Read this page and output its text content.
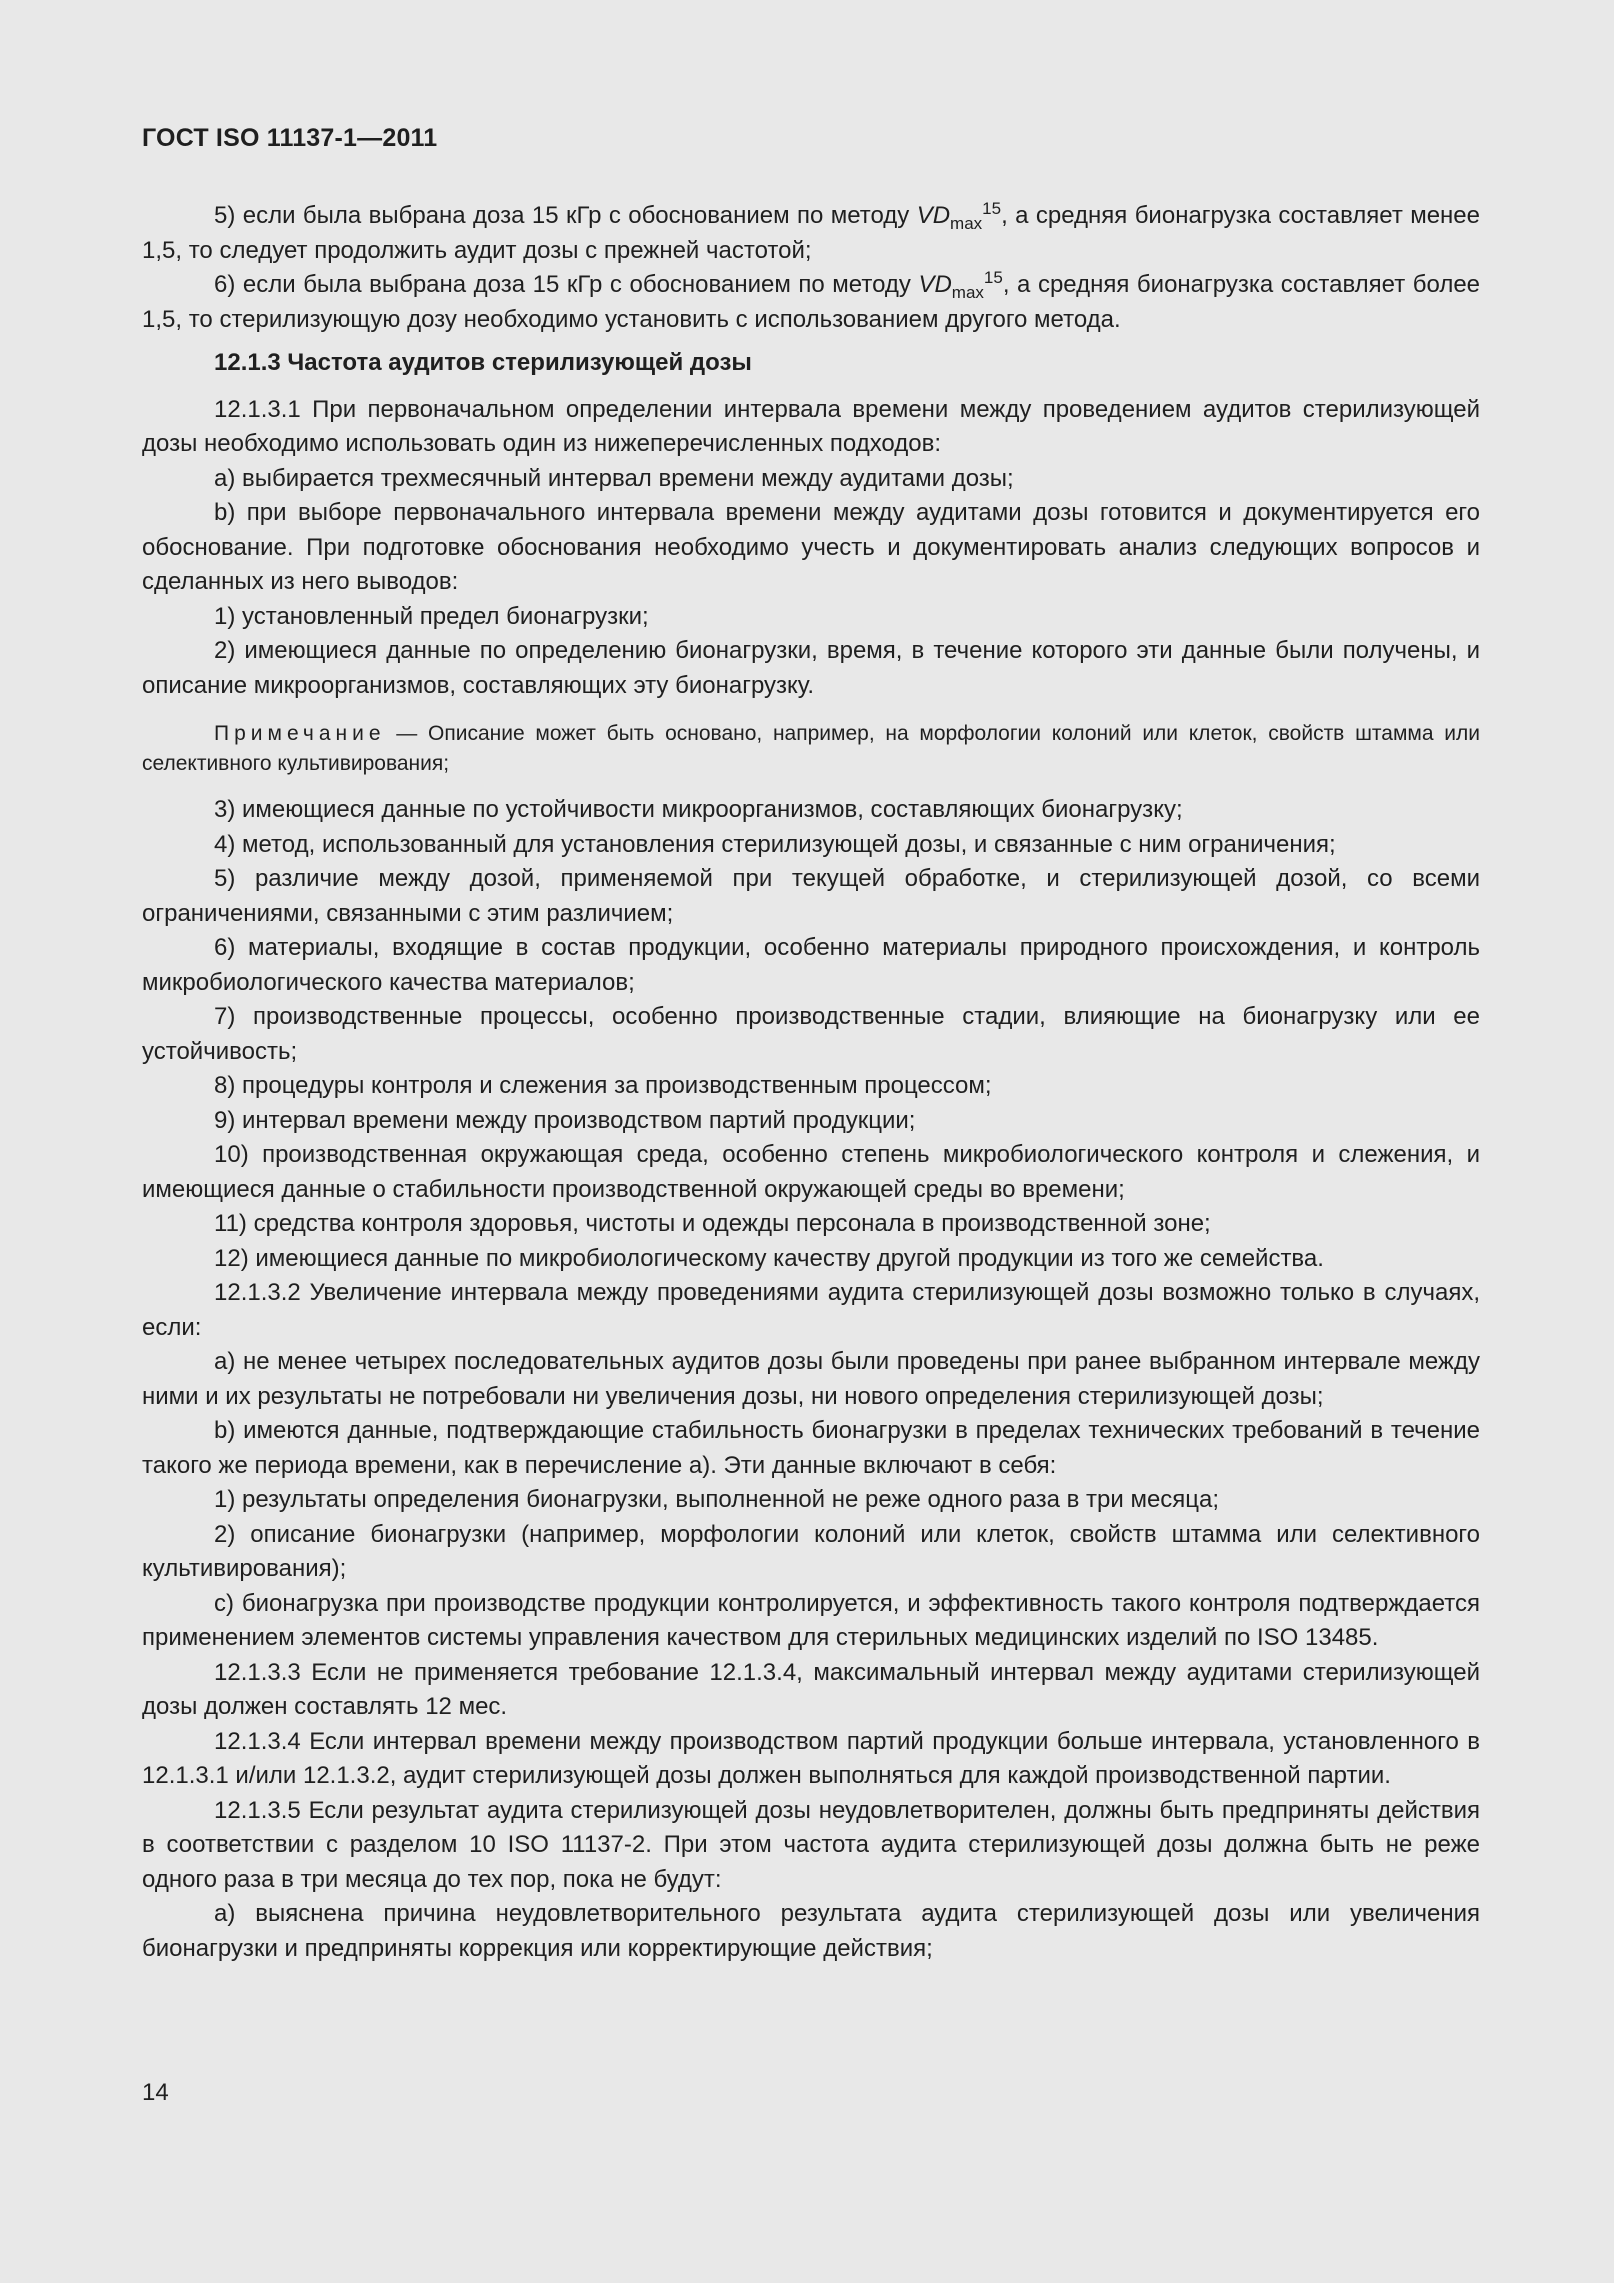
ГОСТ ISO 11137-1—2011

5) если была выбрана доза 15 кГр с обоснованием по методу $VD_{max}^{15}$, а средняя бионагрузка составляет менее 1,5, то следует продолжить аудит дозы с прежней частотой;

6) если была выбрана доза 15 кГр с обоснованием по методу $VD_{max}^{15}$, а средняя бионагрузка составляет более 1,5, то стерилизующую дозу необходимо установить с использованием другого метода.

12.1.3 Частота аудитов стерилизующей дозы

12.1.3.1 При первоначальном определении интервала времени между проведением аудитов стерилизующей дозы необходимо использовать один из нижеперечисленных подходов:

a) выбирается трехмесячный интервал времени между аудитами дозы;

b) при выборе первоначального интервала времени между аудитами дозы готовится и документируется его обоснование. При подготовке обоснования необходимо учесть и документировать анализ следующих вопросов и сделанных из него выводов:

1) установленный предел бионагрузки;

2) имеющиеся данные по определению бионагрузки, время, в течение которого эти данные были получены, и описание микроорганизмов, составляющих эту бионагрузку.

Примечание — Описание может быть основано, например, на морфологии колоний или клеток, свойств штамма или селективного культивирования;

3) имеющиеся данные по устойчивости микроорганизмов, составляющих бионагрузку;

4) метод, использованный для установления стерилизующей дозы, и связанные с ним ограничения;

5) различие между дозой, применяемой при текущей обработке, и стерилизующей дозой, со всеми ограничениями, связанными с этим различием;

6) материалы, входящие в состав продукции, особенно материалы природного происхождения, и контроль микробиологического качества материалов;

7) производственные процессы, особенно производственные стадии, влияющие на бионагрузку или ее устойчивость;

8) процедуры контроля и слежения за производственным процессом;

9) интервал времени между производством партий продукции;

10) производственная окружающая среда, особенно степень микробиологического контроля и слежения, и имеющиеся данные о стабильности производственной окружающей среды во времени;

11) средства контроля здоровья, чистоты и одежды персонала в производственной зоне;

12) имеющиеся данные по микробиологическому качеству другой продукции из того же семейства.

12.1.3.2 Увеличение интервала между проведениями аудита стерилизующей дозы возможно только в случаях, если:

a) не менее четырех последовательных аудитов дозы были проведены при ранее выбранном интервале между ними и их результаты не потребовали ни увеличения дозы, ни нового определения стерилизующей дозы;

b) имеются данные, подтверждающие стабильность бионагрузки в пределах технических требований в течение такого же периода времени, как в перечисление a). Эти данные включают в себя:

1) результаты определения бионагрузки, выполненной не реже одного раза в три месяца;

2) описание бионагрузки (например, морфологии колоний или клеток, свойств штамма или селективного культивирования);

c) бионагрузка при производстве продукции контролируется, и эффективность такого контроля подтверждается применением элементов системы управления качеством для стерильных медицинских изделий по ISO 13485.

12.1.3.3 Если не применяется требование 12.1.3.4, максимальный интервал между аудитами стерилизующей дозы должен составлять 12 мес.

12.1.3.4 Если интервал времени между производством партий продукции больше интервала, установленного в 12.1.3.1 и/или 12.1.3.2, аудит стерилизующей дозы должен выполняться для каждой производственной партии.

12.1.3.5 Если результат аудита стерилизующей дозы неудовлетворителен, должны быть предприняты действия в соответствии с разделом 10 ISO 11137-2. При этом частота аудита стерилизующей дозы должна быть не реже одного раза в три месяца до тех пор, пока не будут:

a) выяснена причина неудовлетворительного результата аудита стерилизующей дозы или увеличения бионагрузки и предприняты коррекция или корректирующие действия;

14
